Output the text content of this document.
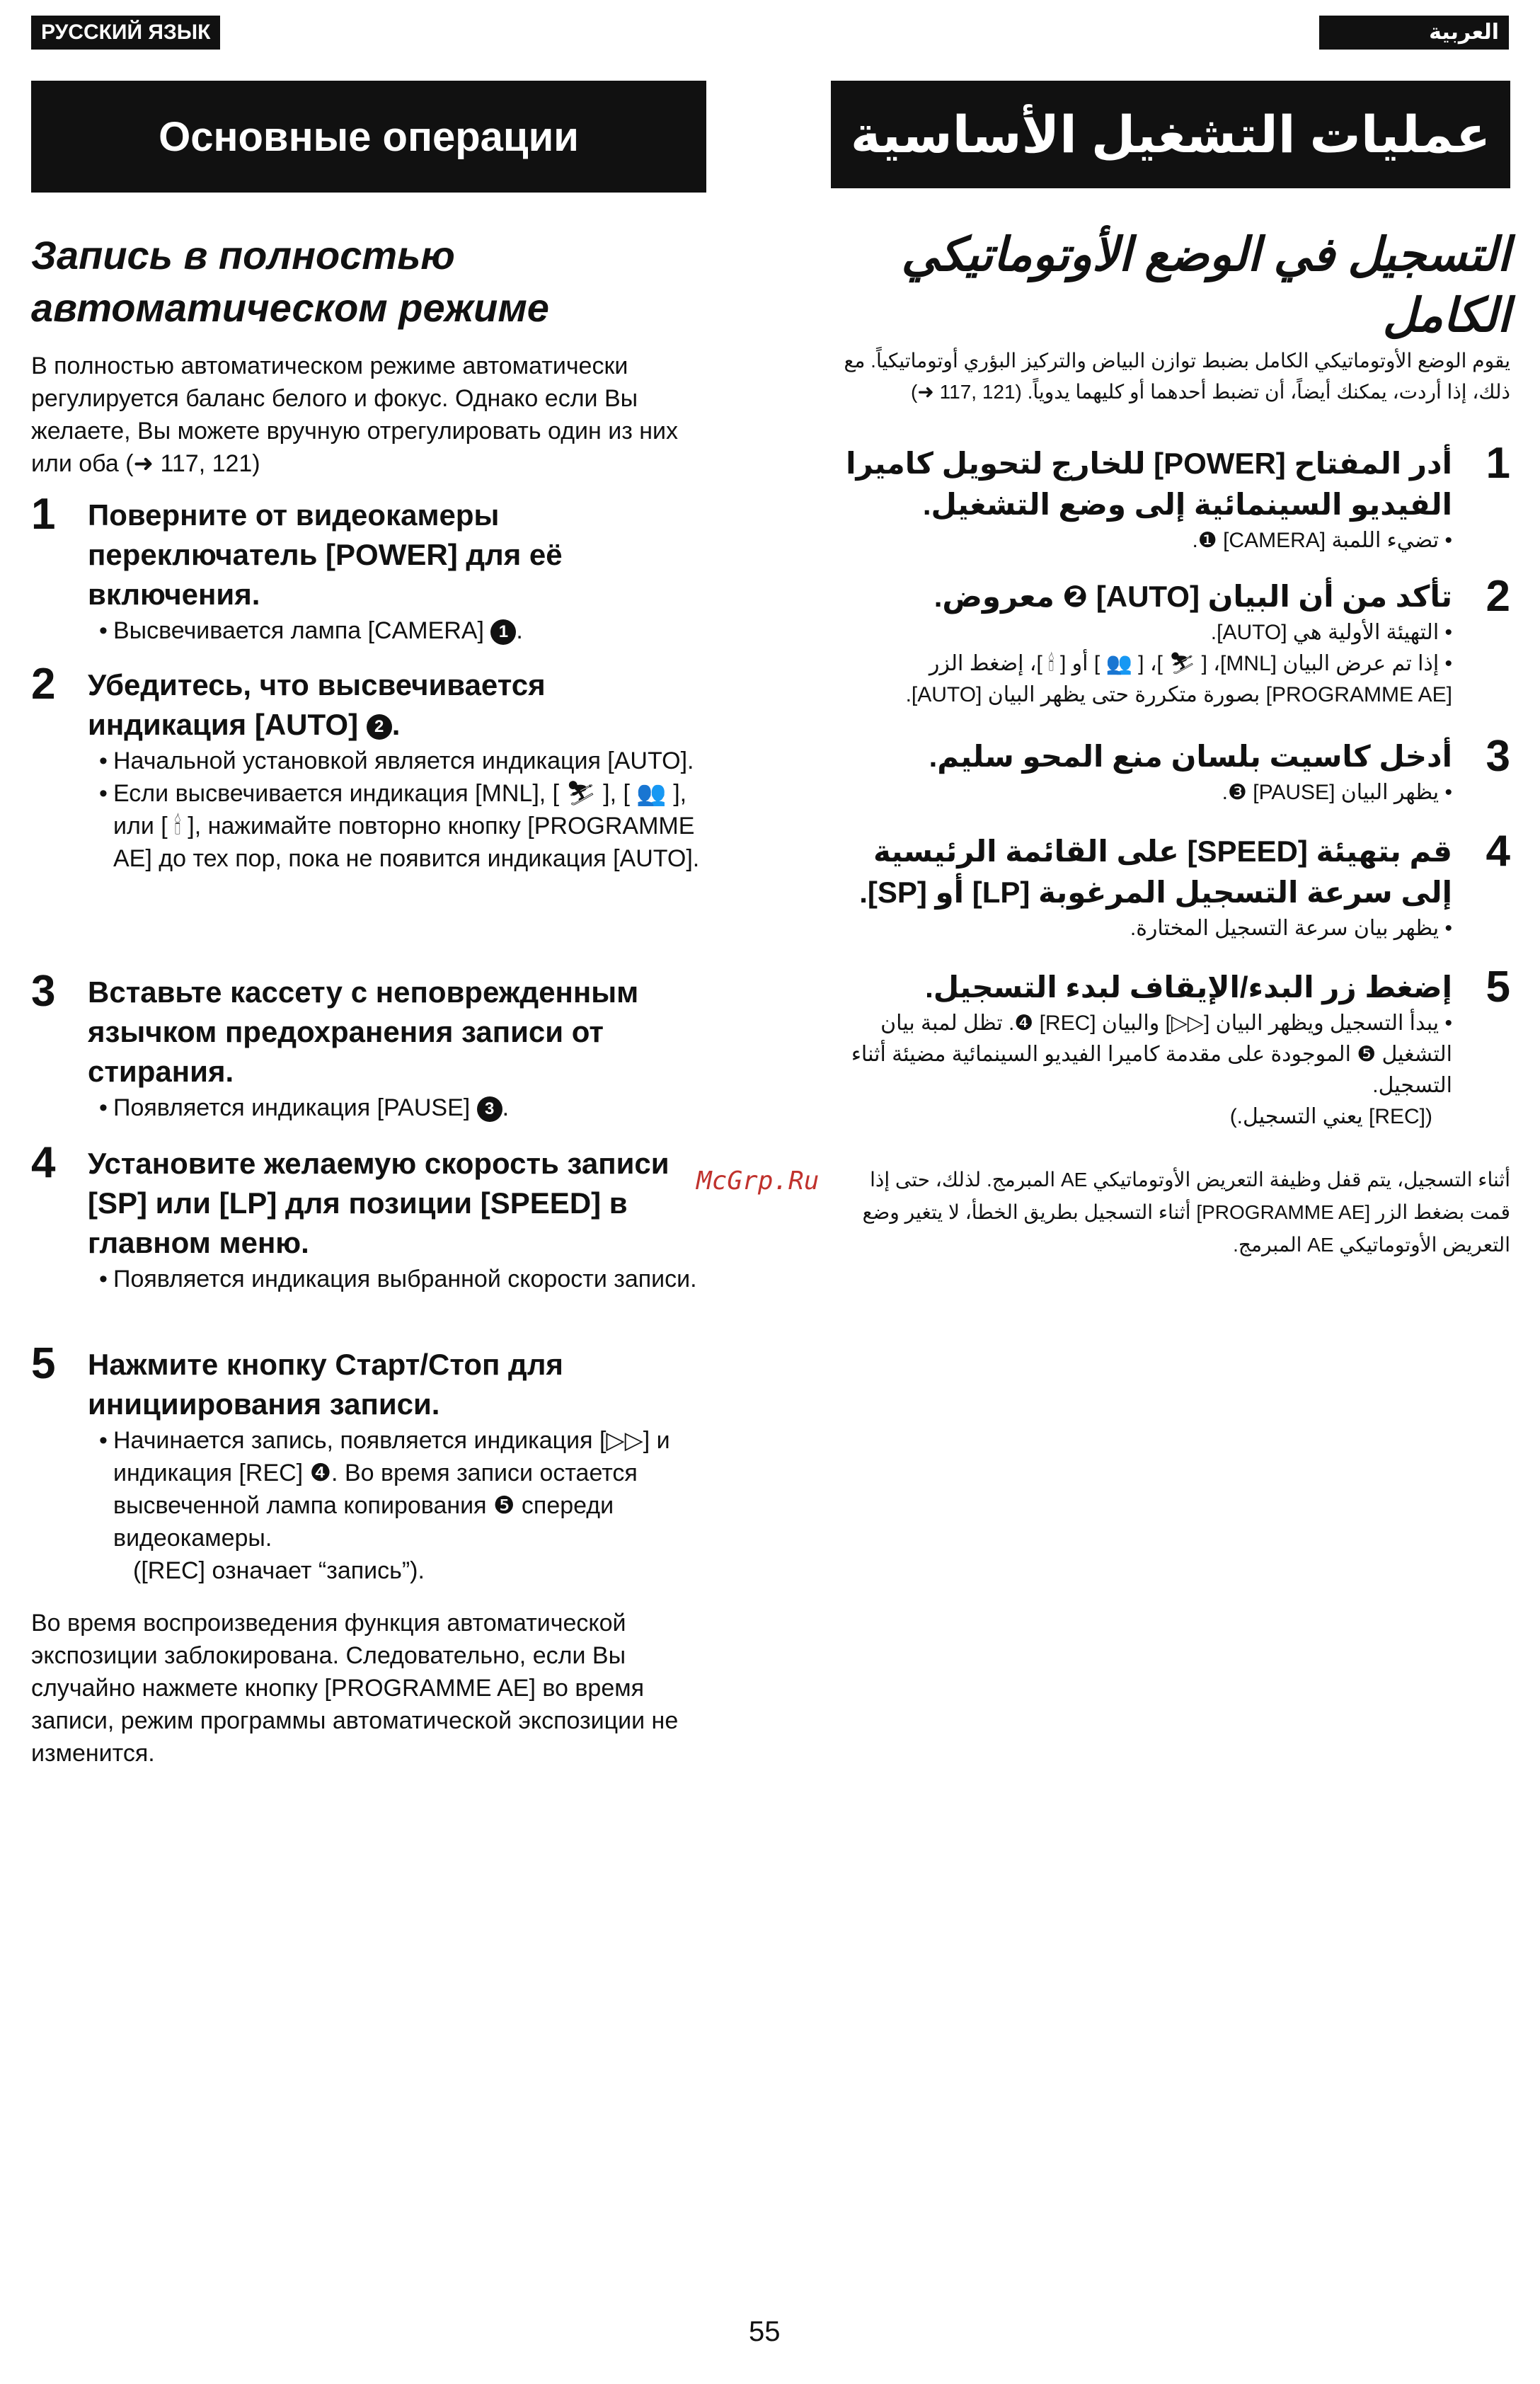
РУССКИЙ ЯЗЫК
Основные операции
Запись в полностью автоматическом режиме

В полностью автоматическом режиме автоматически регулируется баланс белого и фокус. Однако если Вы желаете, Вы можете вручную отрегулировать один из них или оба (➜ 117, 121)

1 Поверните от видеокамеры переключатель [POWER] для её включения.
• Высвечивается лампа [CAMERA] 1 .
2 Убедитесь, что высвечивается индикация [AUTO] 2 .
• Начальной установкой является индикация [AUTO].
• Если высвечивается индикация [MNL], [ ⛷ ], [ 👥 ], или [ 🕯 ], нажимайте повторно кнопку [PROGRAMME AE] до тех пор, пока не появится индикация [AUTO].
3 Вставьте кассету с неповрежденным язычком предохранения записи от стирания.
• Появляется индикация [PAUSE] 3 .
4 Установите желаемую скорость записи [SP] или [LP] для позиции [SPEED] в главном меню.
• Появляется индикация выбранной скорости записи.
5 Нажмите кнопку Старт/Стоп для инициирования записи.
• Начинается запись, появляется индикация [▷▷] и индикация [REC] ❹. Во время записи остается высвеченной лампа копирования ❺ спереди видеокамеры.
([REC] означает “запись”).

Во время воспроизведения функция автоматической экспозиции заблокирована. Следовательно, если Вы случайно нажмете кнопку [PROGRAMME AE] во время записи, режим программы автоматической экспозиции не изменится.

العربية
عمليات التشغيل الأساسية
التسجيل في الوضع الأوتوماتيكي الكامل

يقوم الوضع الأوتوماتيكي الكامل بضبط توازن البياض والتركيز البؤري أوتوماتيكياً. مع ذلك، إذا أردت، يمكنك أيضاً، أن تضبط أحدهما أو كليهما يدوياً. (121 ,117 ➜)

1
أدر المفتاح [POWER] للخارج لتحويل كاميرا الفيديو السينمائية إلى وضع التشغيل.
• تضيء اللمبة [CAMERA] ❶.
2
تأكد من أن البيان [AUTO] ❷ معروض.
• التهيئة الأولية هي [AUTO].
• إذا تم عرض البيان [MNL]، [ ⛷ ]، [ 👥 ] أو [ 🕯 ]، إضغط الزر [PROGRAMME AE] بصورة متكررة حتى يظهر البيان [AUTO].
3
أدخل كاسيت بلسان منع المحو سليم.
• يظهر البيان [PAUSE] ❸.
4
قم بتهيئة [SPEED] على القائمة الرئيسية إلى سرعة التسجيل المرغوبة [LP] أو [SP].
• يظهر بيان سرعة التسجيل المختارة.
5
إضغط زر البدء/الإيقاف لبدء التسجيل.
• يبدأ التسجيل ويظهر البيان [▷▷] والبيان [REC] ❹. تظل لمبة بيان التشغيل ❺ الموجودة على مقدمة كاميرا الفيديو السينمائية مضيئة أثناء التسجيل.
([REC] يعني التسجيل.)

أثناء التسجيل، يتم قفل وظيفة التعريض الأوتوماتيكي AE المبرمج. لذلك، حتى إذا قمت بضغط الزر [PROGRAMME AE] أثناء التسجيل بطريق الخطأ، لا يتغير وضع التعريض الأوتوماتيكي AE المبرمج.

McGrp.Ru
55
